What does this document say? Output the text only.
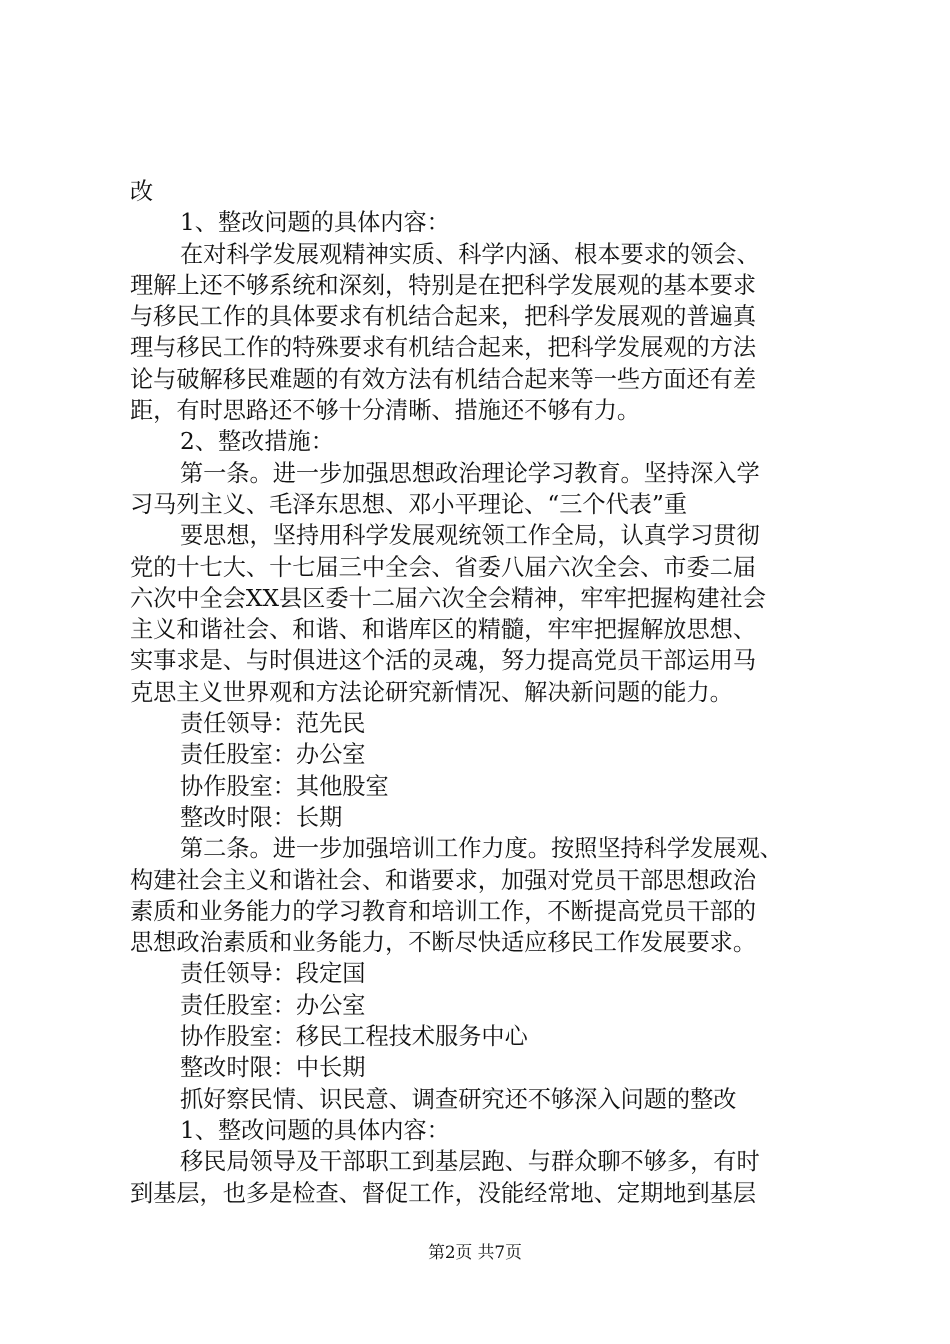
改
1、整改问题的具体内容：
在对科学发展观精神实质、科学内涵、根本要求的领会、
理解上还不够系统和深刻，特别是在把科学发展观的基本要求
与移民工作的具体要求有机结合起来，把科学发展观的普遍真
理与移民工作的特殊要求有机结合起来，把科学发展观的方法
论与破解移民难题的有效方法有机结合起来等一些方面还有差
距，有时思路还不够十分清晰、措施还不够有力。
2、整改措施：
第一条。进一步加强思想政治理论学习教育。坚持深入学
习马列主义、毛泽东思想、邓小平理论、“三个代表”重
要思想，坚持用科学发展观统领工作全局，认真学习贯彻
党的十七大、十七届三中全会、省委八届六次全会、市委二届
六次中全会XX县区委十二届六次全会精神，牢牢把握构建社会
主义和谐社会、和谐、和谐库区的精髓，牢牢把握解放思想、
实事求是、与时俱进这个活的灵魂，努力提高党员干部运用马
克思主义世界观和方法论研究新情况、解决新问题的能力。
责任领导：范先民
责任股室：办公室
协作股室：其他股室
整改时限：长期
第二条。进一步加强培训工作力度。按照坚持科学发展观、
构建社会主义和谐社会、和谐要求，加强对党员干部思想政治
素质和业务能力的学习教育和培训工作，不断提高党员干部的
思想政治素质和业务能力，不断尽快适应移民工作发展要求。
责任领导：段定国
责任股室：办公室
协作股室：移民工程技术服务中心
整改时限：中长期
抓好察民情、识民意、调查研究还不够深入问题的整改
1、整改问题的具体内容：
移民局领导及干部职工到基层跑、与群众聊不够多，有时
到基层，也多是检查、督促工作，没能经常地、定期地到基层
第2页 共7页
